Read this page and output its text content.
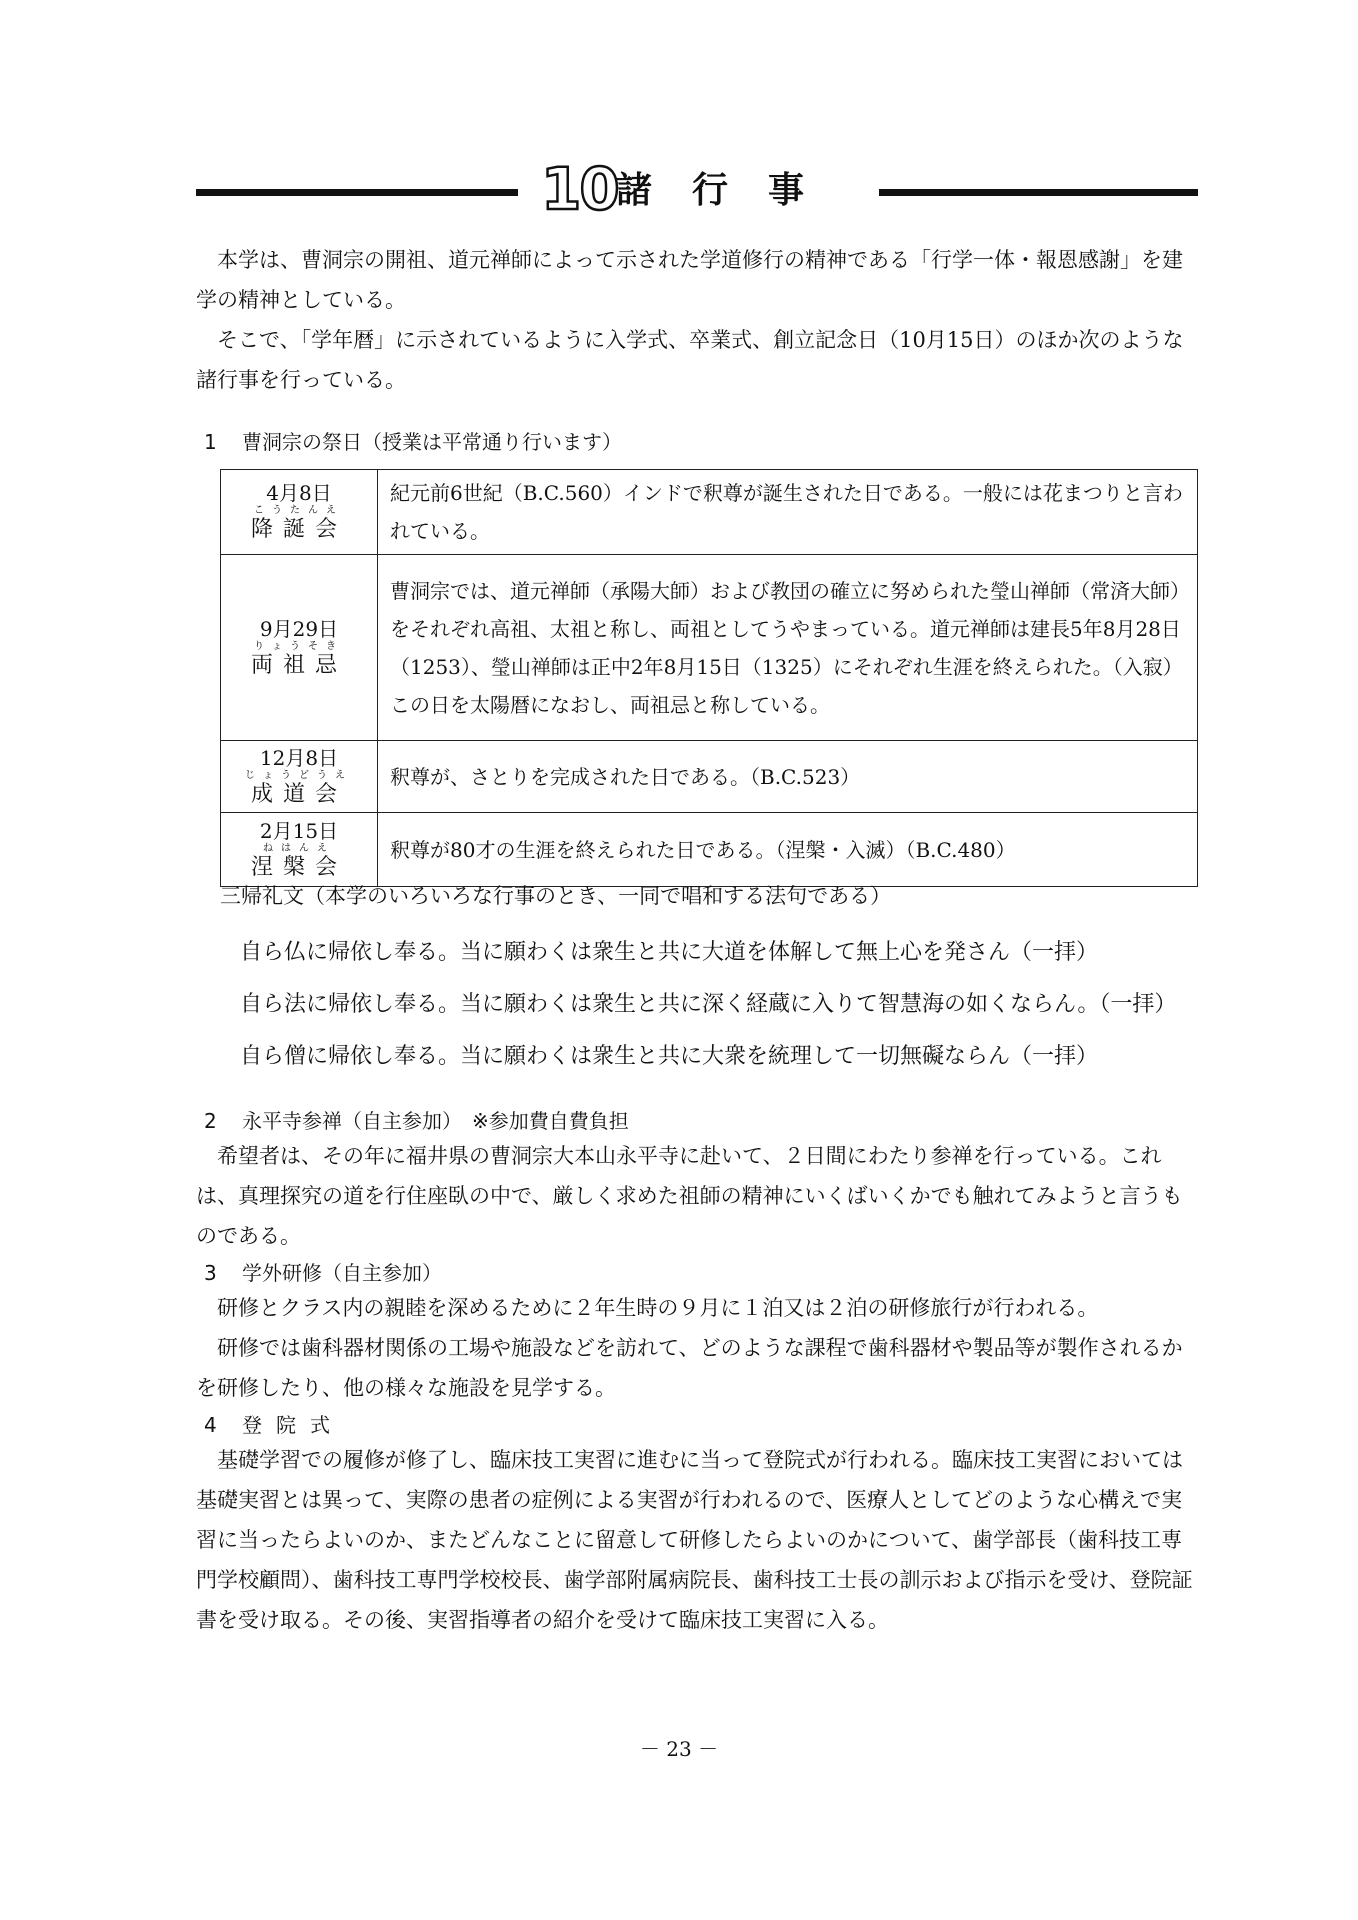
10
諸行事
本学は、曹洞宗の開祖、道元禅師によって示された学道修行の精神である「行学一体・報恩感謝」を建学の精神としている。
そこで、「学年暦」に示されているように入学式、卒業式、創立記念日（10月15日）のほか次のような諸行事を行っている。
1 曹洞宗の祭日（授業は平常通り行います）
4月8日
こうたんえ
降誕会	紀元前6世紀（B.C.560）インドで釈尊が誕生された日である。一般には花まつりと言われている。

9月29日
りょうそき
両祖忌	曹洞宗では、道元禅師（承陽大師）および教団の確立に努められた瑩山禅師（常済大師）をそれぞれ高祖、太祖と称し、両祖としてうやまっている。道元禅師は建長5年8月28日（1253）、瑩山禅師は正中2年8月15日（1325）にそれぞれ生涯を終えられた。（入寂）この日を太陽暦になおし、両祖忌と称している。

12月8日
じょうどうえ
成道会	釈尊が、さとりを完成された日である。（B.C.523）

2月15日
ねはんえ
涅槃会	釈尊が80才の生涯を終えられた日である。（涅槃・入滅）（B.C.480）
三帰礼文（本学のいろいろな行事のとき、一同で唱和する法句である）
自ら仏に帰依し奉る。当に願わくは衆生と共に大道を体解して無上心を発さん（一拝）
自ら法に帰依し奉る。当に願わくは衆生と共に深く経蔵に入りて智慧海の如くならん。（一拝）
自ら僧に帰依し奉る。当に願わくは衆生と共に大衆を統理して一切無礙ならん（一拝）
2 永平寺参禅（自主参加）　※参加費自費負担
希望者は、その年に福井県の曹洞宗大本山永平寺に赴いて、２日間にわたり参禅を行っている。これは、真理探究の道を行住座臥の中で、厳しく求めた祖師の精神にいくばいくかでも触れてみようと言うものである。
3 学外研修（自主参加）
研修とクラス内の親睦を深めるために２年生時の９月に１泊又は２泊の研修旅行が行われる。
研修では歯科器材関係の工場や施設などを訪れて、どのような課程で歯科器材や製品等が製作されるかを研修したり、他の様々な施設を見学する。
4 登院式
基礎学習での履修が修了し、臨床技工実習に進むに当って登院式が行われる。臨床技工実習においては基礎実習とは異って、実際の患者の症例による実習が行われるので、医療人としてどのような心構えで実習に当ったらよいのか、またどんなことに留意して研修したらよいのかについて、歯学部長（歯科技工専門学校顧問）、歯科技工専門学校校長、歯学部附属病院長、歯科技工士長の訓示および指示を受け、登院証書を受け取る。その後、実習指導者の紹介を受けて臨床技工実習に入る。
－ 23 －
